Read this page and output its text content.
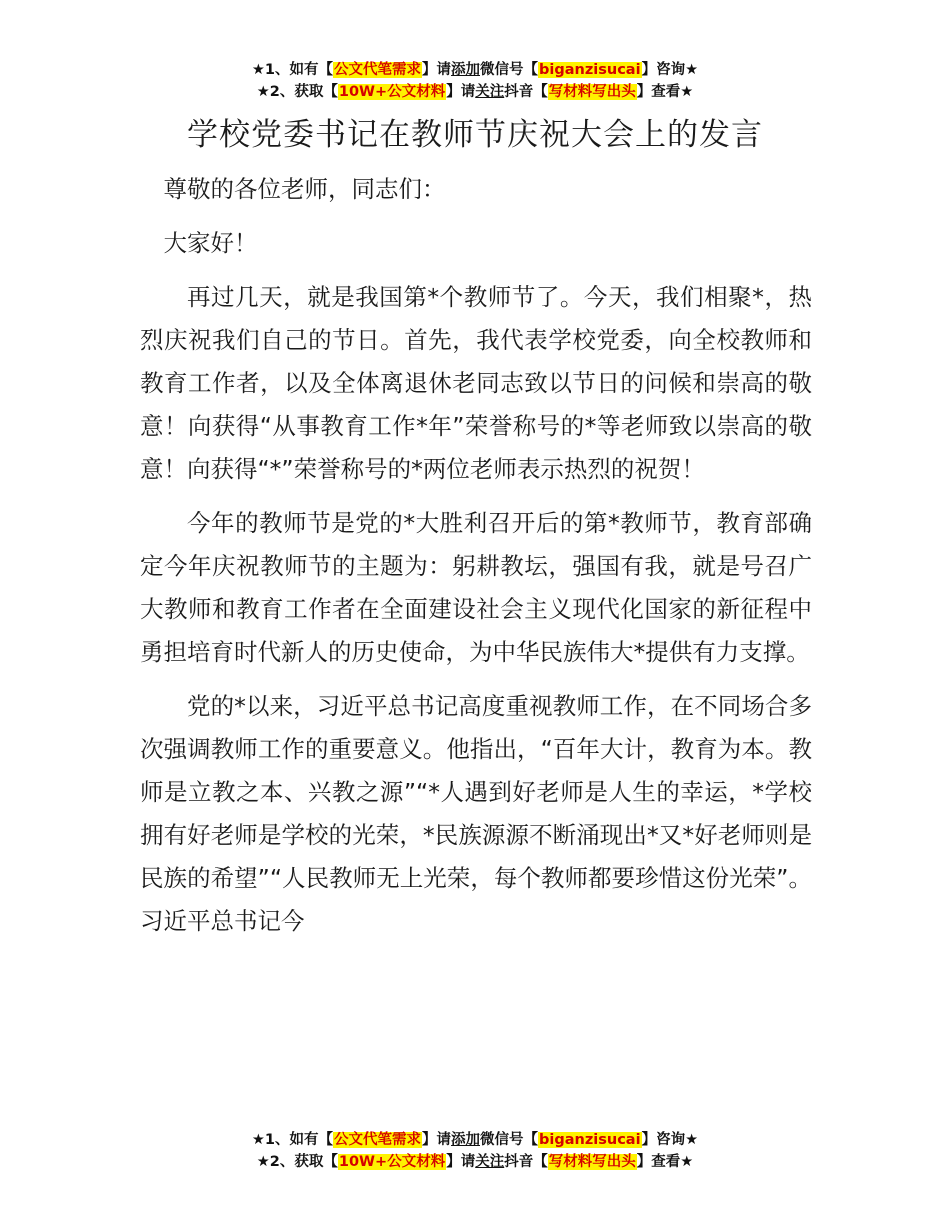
★1、如有【公文代笔需求】请添加微信号【biganzisucai】咨询★
★2、获取【10W+公文材料】请关注抖音【写材料写出头】查看★
学校党委书记在教师节庆祝大会上的发言

尊敬的各位老师，同志们：

大家好！

再过几天，就是我国第*个教师节了。今天，我们相聚*，热烈庆祝我们自己的节日。首先，我代表学校党委，向全校教师和教育工作者，以及全体离退休老同志致以节日的问候和崇高的敬意！向获得“从事教育工作*年”荣誉称号的*等老师致以崇高的敬意！向获得“*”荣誉称号的*两位老师表示热烈的祝贺！

今年的教师节是党的*大胜利召开后的第*教师节，教育部确定今年庆祝教师节的主题为：躬耕教坛，强国有我，就是号召广大教师和教育工作者在全面建设社会主义现代化国家的新征程中勇担培育时代新人的历史使命，为中华民族伟大*提供有力支撑。

党的*以来，习近平总书记高度重视教师工作，在不同场合多次强调教师工作的重要意义。他指出，“百年大计，教育为本。教师是立教之本、兴教之源”“*人遇到好老师是人生的幸运，*学校拥有好老师是学校的光荣，*民族源源不断涌现出*又*好老师则是民族的希望”“人民教师无上光荣，每个教师都要珍惜这份光荣”。习近平总书记今

★1、如有【公文代笔需求】请添加微信号【biganzisucai】咨询★
★2、获取【10W+公文材料】请关注抖音【写材料写出头】查看★
